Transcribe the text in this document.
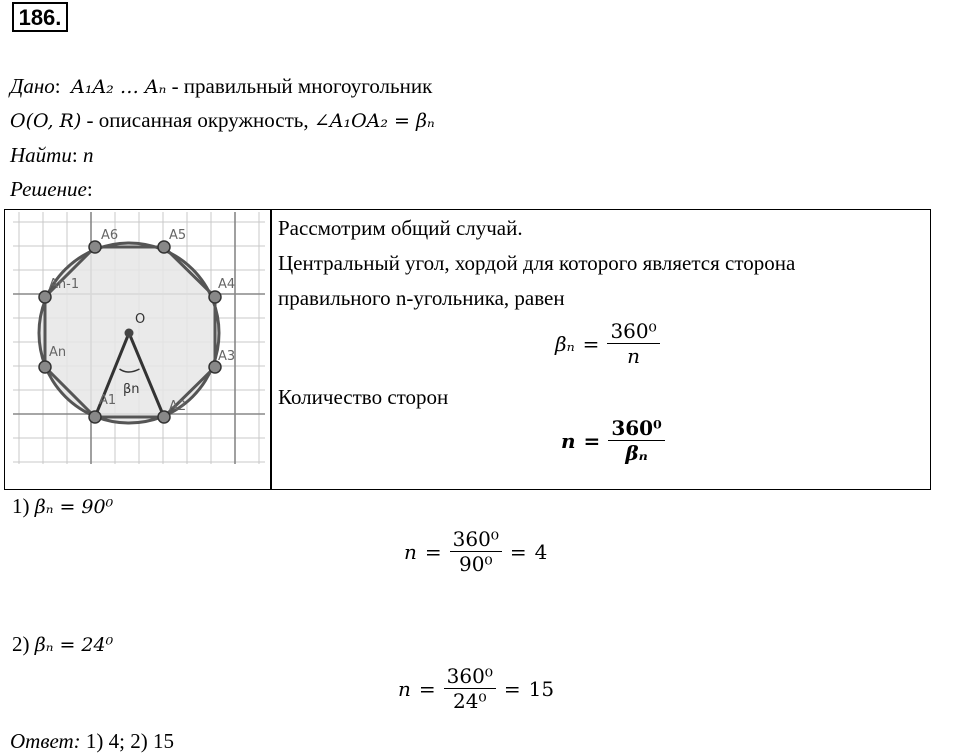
186.
Дано:  A₁A₂ … Aₙ - правильный многоугольник
O(O, R) - описанная окружность, ∠A₁OA₂ = βₙ
Найти: n
Решение:
A6	A5
A4
A3
A2
A1
An
An-1
O
βn
Рассмотрим общий случай.
Центральный угол, хордой для которого является сторона
правильного n-угольника, равен
$\beta_n = \frac{\text{360⁰}}{n}$
Количество сторон
$n = \frac{\text{360⁰}}{\text{βₙ}}$
1) βₙ = 90⁰
$n = \frac{\text{360⁰}}{\text{90⁰}} = 4$
2) βₙ = 24⁰
$n = \frac{\text{360⁰}}{\text{24⁰}} = 15$
Ответ: 1) 4; 2) 15
